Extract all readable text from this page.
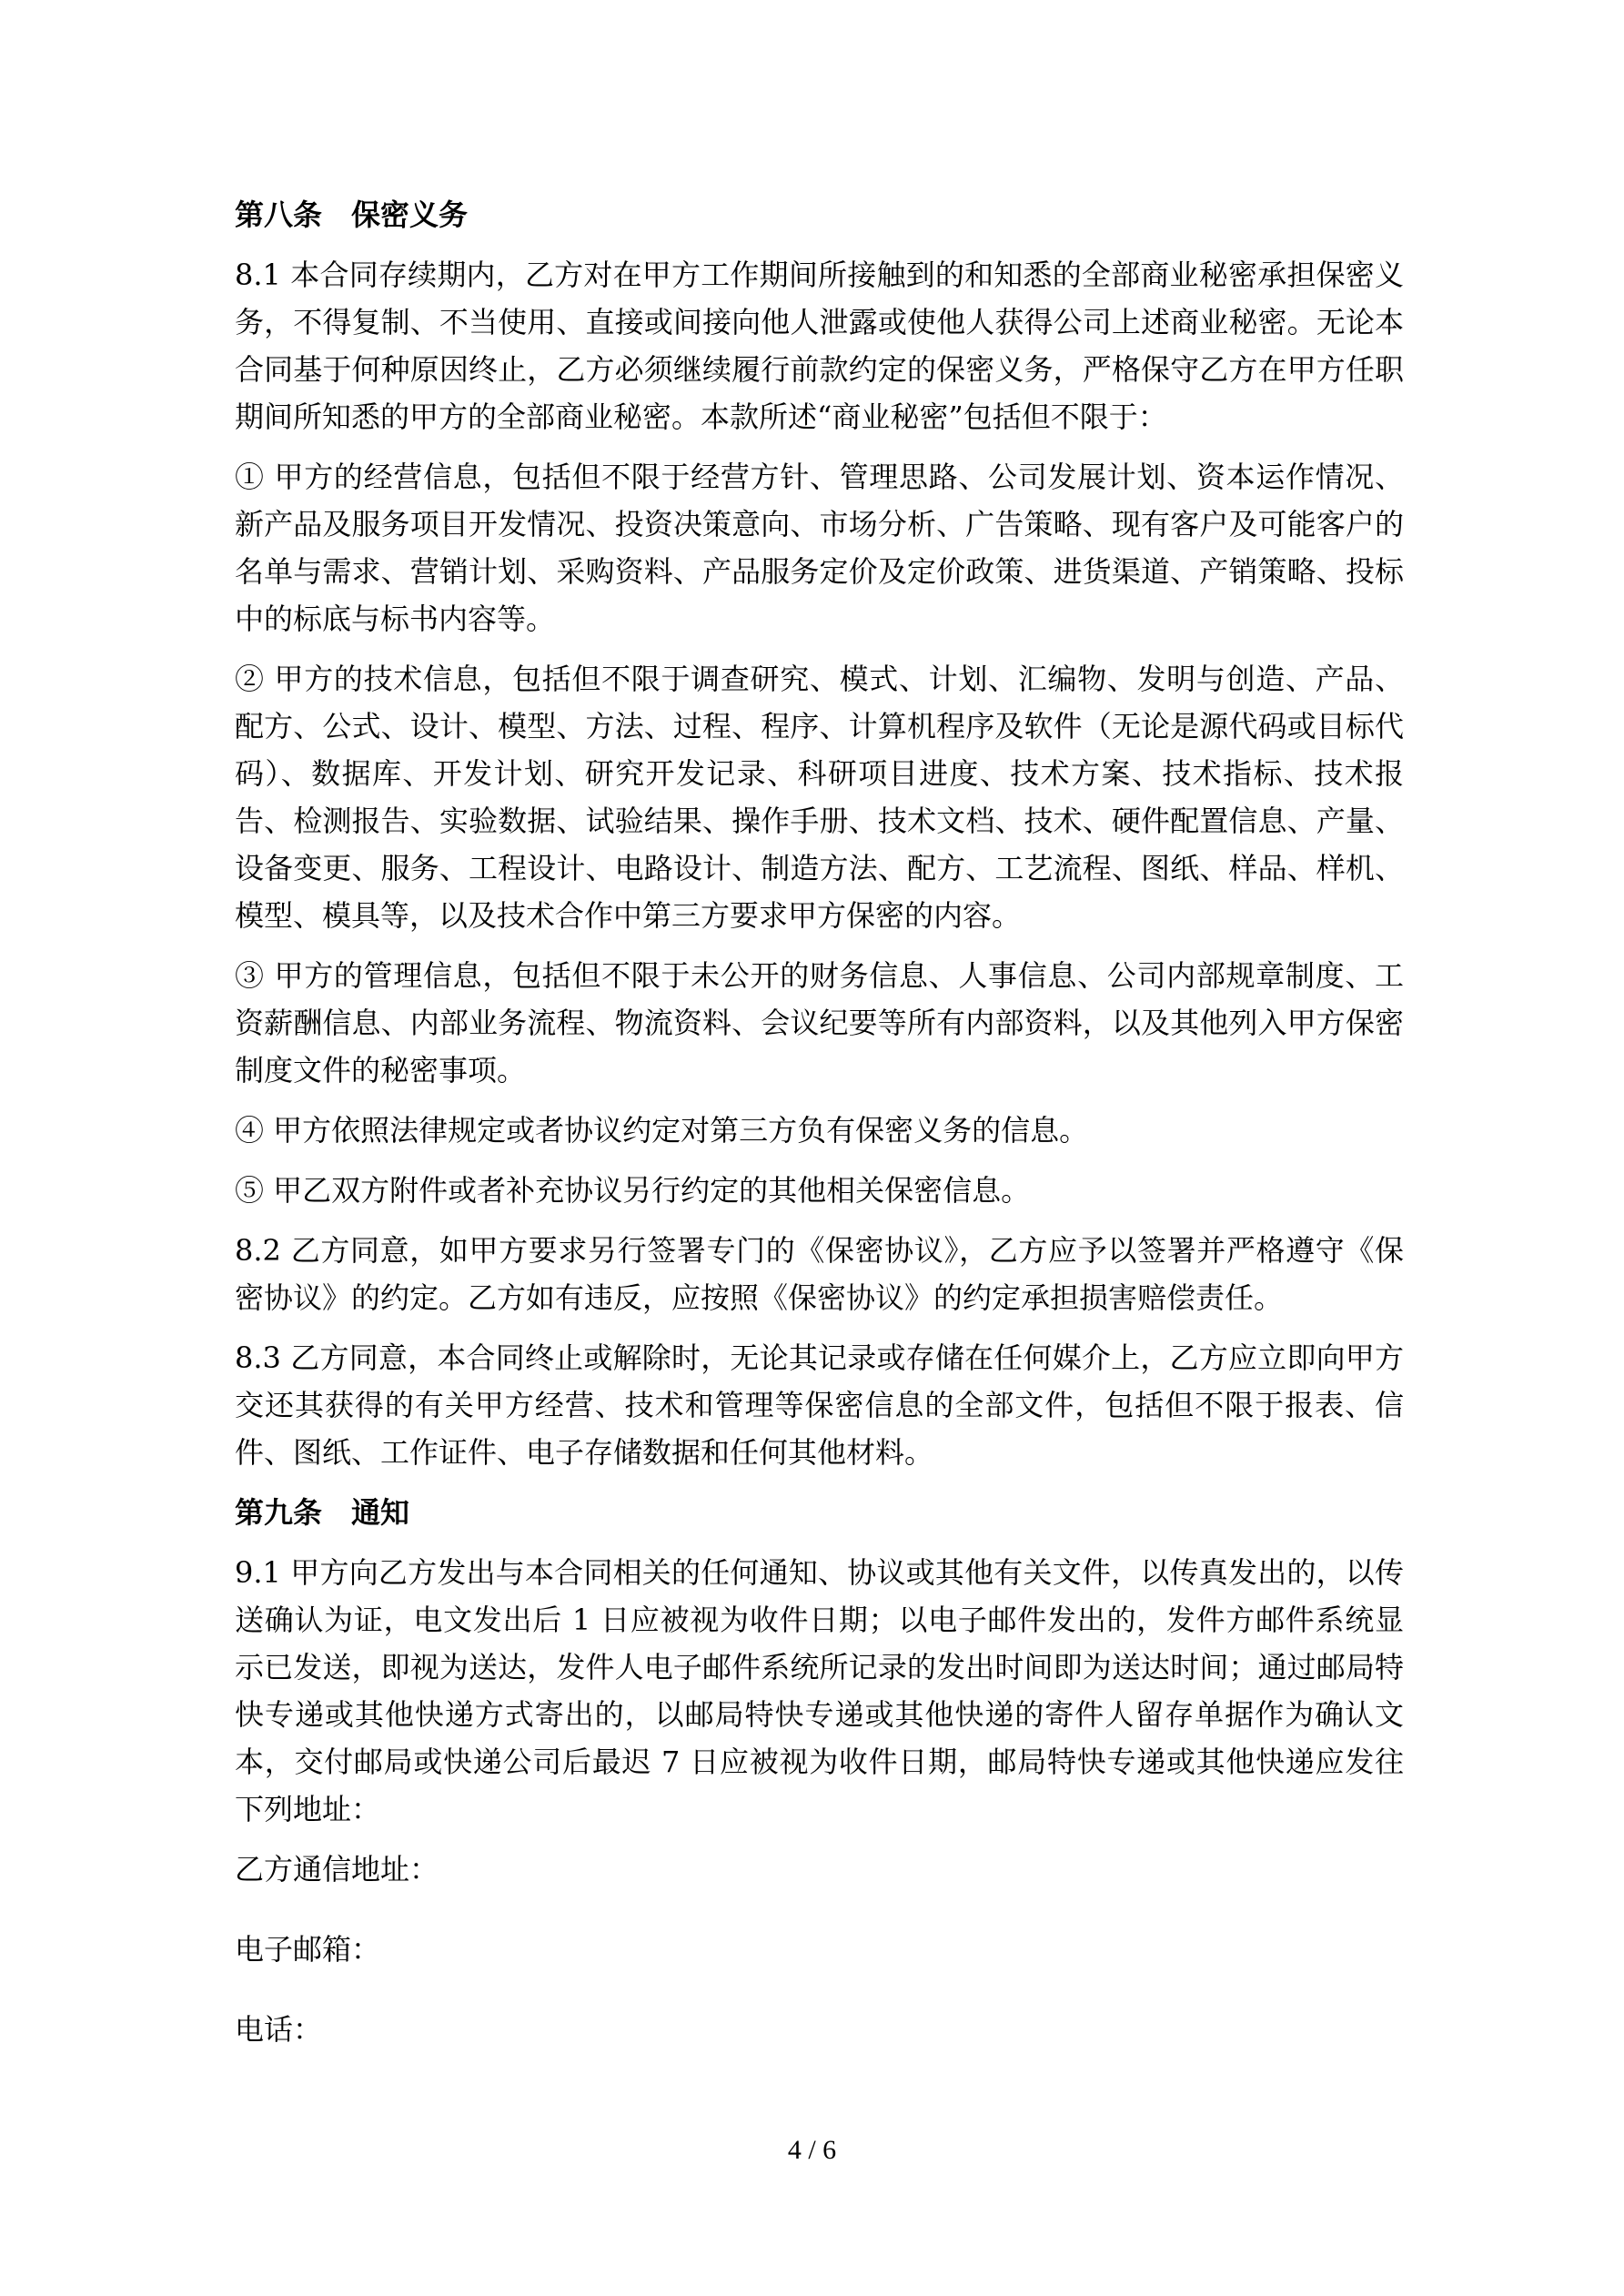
第八条　保密义务

8.1 本合同存续期内，乙方对在甲方工作期间所接触到的和知悉的全部商业秘密承担保密义务，不得复制、不当使用、直接或间接向他人泄露或使他人获得公司上述商业秘密。无论本合同基于何种原因终止，乙方必须继续履行前款约定的保密义务，严格保守乙方在甲方任职期间所知悉的甲方的全部商业秘密。本款所述“商业秘密”包括但不限于：

① 甲方的经营信息，包括但不限于经营方针、管理思路、公司发展计划、资本运作情况、新产品及服务项目开发情况、投资决策意向、市场分析、广告策略、现有客户及可能客户的名单与需求、营销计划、采购资料、产品服务定价及定价政策、进货渠道、产销策略、投标中的标底与标书内容等。

② 甲方的技术信息，包括但不限于调查研究、模式、计划、汇编物、发明与创造、产品、配方、公式、设计、模型、方法、过程、程序、计算机程序及软件（无论是源代码或目标代码）、数据库、开发计划、研究开发记录、科研项目进度、技术方案、技术指标、技术报告、检测报告、实验数据、试验结果、操作手册、技术文档、技术、硬件配置信息、产量、设备变更、服务、工程设计、电路设计、制造方法、配方、工艺流程、图纸、样品、样机、模型、模具等，以及技术合作中第三方要求甲方保密的内容。

③ 甲方的管理信息，包括但不限于未公开的财务信息、人事信息、公司内部规章制度、工资薪酬信息、内部业务流程、物流资料、会议纪要等所有内部资料，以及其他列入甲方保密制度文件的秘密事项。

④ 甲方依照法律规定或者协议约定对第三方负有保密义务的信息。

⑤ 甲乙双方附件或者补充协议另行约定的其他相关保密信息。

8.2 乙方同意，如甲方要求另行签署专门的《保密协议》，乙方应予以签署并严格遵守《保密协议》的约定。乙方如有违反，应按照《保密协议》的约定承担损害赔偿责任。

8.3 乙方同意，本合同终止或解除时，无论其记录或存储在任何媒介上，乙方应立即向甲方交还其获得的有关甲方经营、技术和管理等保密信息的全部文件，包括但不限于报表、信件、图纸、工作证件、电子存储数据和任何其他材料。

第九条　通知

9.1 甲方向乙方发出与本合同相关的任何通知、协议或其他有关文件，以传真发出的，以传送确认为证，电文发出后 1 日应被视为收件日期；以电子邮件发出的，发件方邮件系统显示已发送，即视为送达，发件人电子邮件系统所记录的发出时间即为送达时间；通过邮局特快专递或其他快递方式寄出的，以邮局特快专递或其他快递的寄件人留存单据作为确认文本，交付邮局或快递公司后最迟 7 日应被视为收件日期，邮局特快专递或其他快递应发往下列地址：

乙方通信地址：
电子邮箱：
电话：
4 / 6
